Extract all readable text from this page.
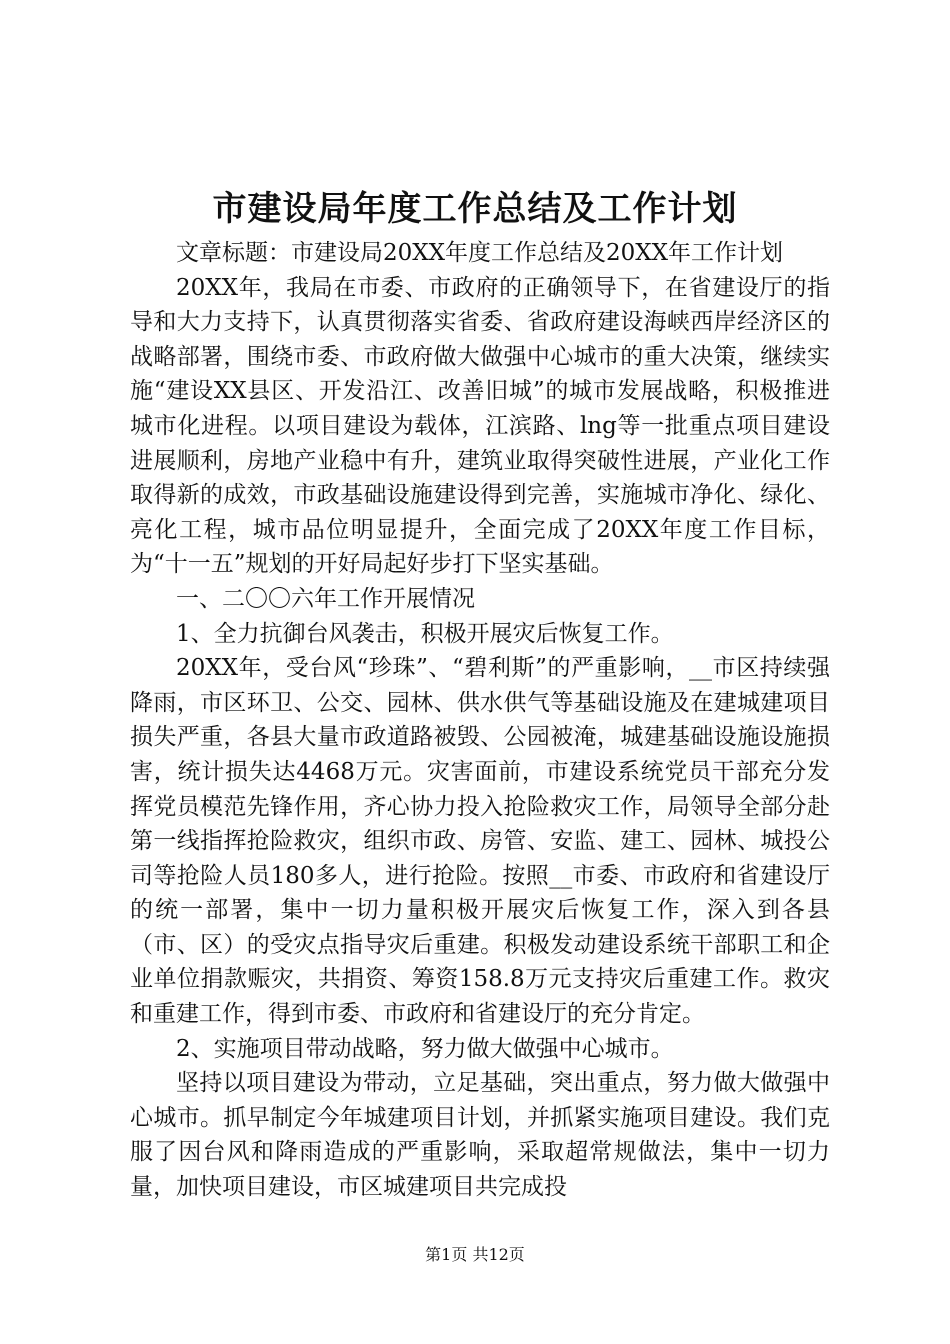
市建设局年度工作总结及工作计划

文章标题：市建设局20XX年度工作总结及20XX年工作计划

20XX年，我局在市委、市政府的正确领导下，在省建设厅的指导和大力支持下，认真贯彻落实省委、省政府建设海峡西岸经济区的战略部署，围绕市委、市政府做大做强中心城市的重大决策，继续实施“建设XX县区、开发沿江、改善旧城”的城市发展战略，积极推进城市化进程。以项目建设为载体，江滨路、lng等一批重点项目建设进展顺利，房地产业稳中有升，建筑业取得突破性进展，产业化工作取得新的成效，市政基础设施建设得到完善，实施城市净化、绿化、亮化工程，城市品位明显提升，全面完成了20XX年度工作目标，为“十一五”规划的开好局起好步打下坚实基础。

一、二〇〇六年工作开展情况

1、全力抗御台风袭击，积极开展灾后恢复工作。

20XX年，受台风“珍珠”、“碧利斯”的严重影响，__市区持续强降雨，市区环卫、公交、园林、供水供气等基础设施及在建城建项目损失严重，各县大量市政道路被毁、公园被淹，城建基础设施设施损害，统计损失达4468万元。灾害面前，市建设系统党员干部充分发挥党员模范先锋作用，齐心协力投入抢险救灾工作，局领导全部分赴第一线指挥抢险救灾，组织市政、房管、安监、建工、园林、城投公司等抢险人员180多人，进行抢险。按照__市委、市政府和省建设厅的统一部署，集中一切力量积极开展灾后恢复工作，深入到各县（市、区）的受灾点指导灾后重建。积极发动建设系统干部职工和企业单位捐款赈灾，共捐资、筹资158.8万元支持灾后重建工作。救灾和重建工作，得到市委、市政府和省建设厅的充分肯定。

2、实施项目带动战略，努力做大做强中心城市。

坚持以项目建设为带动，立足基础，突出重点，努力做大做强中心城市。抓早制定今年城建项目计划，并抓紧实施项目建设。我们克服了因台风和降雨造成的严重影响，采取超常规做法，集中一切力量，加快项目建设，市区城建项目共完成投

第1页 共12页
